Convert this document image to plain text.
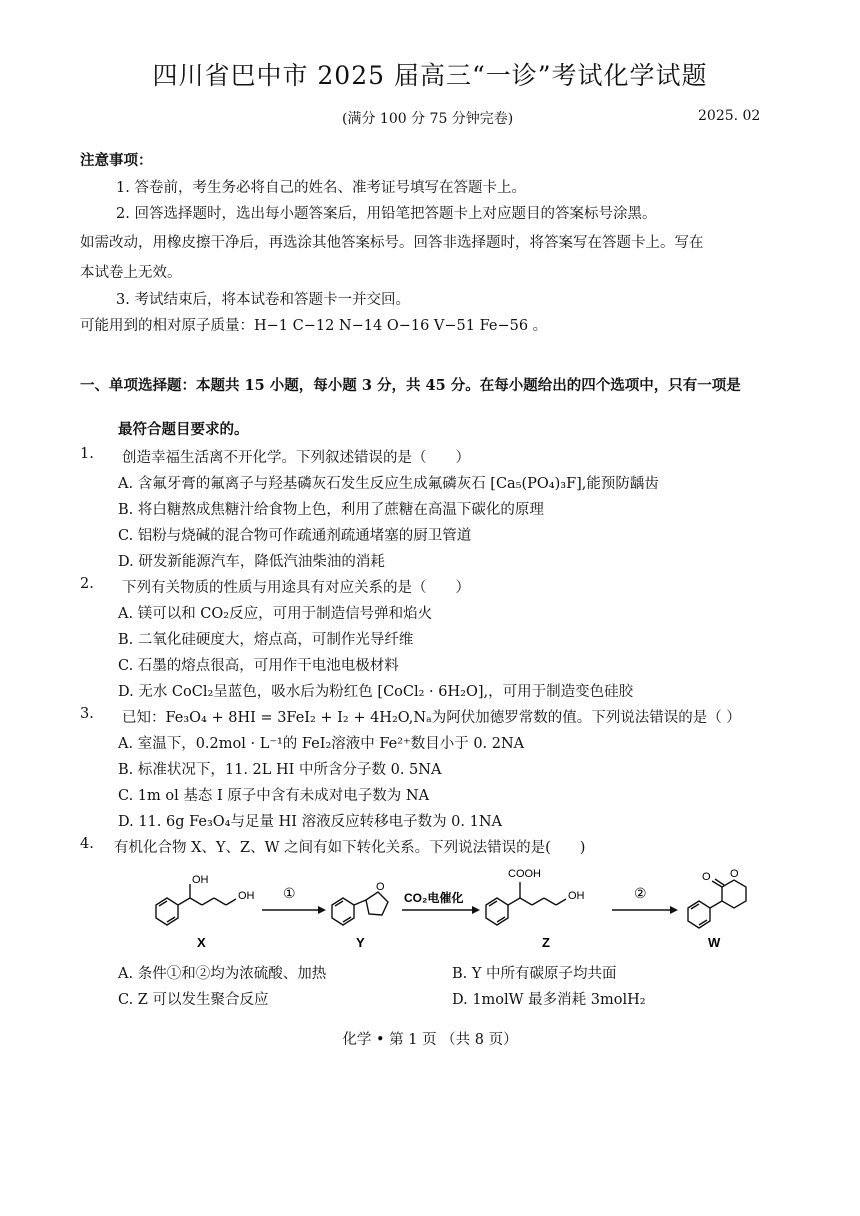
四川省巴中市 2025 届高三“一诊”考试化学试题
(满分 100 分 75 分钟完卷)	2025. 02
注意事项：
1. 答卷前，考生务必将自己的姓名、准考证号填写在答题卡上。
2. 回答选择题时，选出每小题答案后，用铅笔把答题卡上对应题目的答案标号涂黑。
如需改动，用橡皮擦干净后，再选涂其他答案标号。回答非选择题时，将答案写在答题卡上。写在
本试卷上无效。
3. 考试结束后，将本试卷和答题卡一并交回。
可能用到的相对原子质量：H−1 C−12 N−14 O−16 V−51 Fe−56 。
一、单项选择题：本题共 15 小题，每小题 3 分，共 45 分。在每小题给出的四个选项中，只有一项是
最符合题目要求的。
1. 创造幸福生活离不开化学。下列叙述错误的是（　　）
A. 含氟牙膏的氟离子与羟基磷灰石发生反应生成氟磷灰石 [Ca₅(PO₄)₃F],能预防龋齿
B. 将白糖熬成焦糖汁给食物上色，利用了蔗糖在高温下碳化的原理
C. 铝粉与烧碱的混合物可作疏通剂疏通堵塞的厨卫管道
D. 研发新能源汽车，降低汽油柴油的消耗
2. 下列有关物质的性质与用途具有对应关系的是（　　）
A. 镁可以和 CO₂反应，可用于制造信号弹和焰火
B. 二氧化硅硬度大，熔点高，可制作光导纤维
C. 石墨的熔点很高，可用作干电池电极材料
D. 无水 CoCl₂呈蓝色，吸水后为粉红色 [CoCl₂ · 6H₂O],，可用于制造变色硅胶
3. 已知：Fe₃O₄ + 8HI = 3FeI₂ + I₂ + 4H₂O,Nₐ为阿伏加德罗常数的值。下列说法错误的是（ ）
A. 室温下，0.2mol · L⁻¹的 FeI₂溶液中 Fe²⁺数目小于 0. 2NA
B. 标准状况下，11. 2L HI 中所含分子数 0. 5NA
C. 1m ol 基态 I 原子中含有未成对电子数为 NA
D. 11. 6g Fe₃O₄与足量 HI 溶液反应转移电子数为 0. 1NA
4. 有机化合物 X、Y、Z、W 之间有如下转化关系。下列说法错误的是(　　)
OH
OH
X
①	O
Y
CO₂电催化
COOH
OH
Z
②
O O
W
A. 条件①和②均为浓硫酸、加热	B. Y 中所有碳原子均共面
C. Z 可以发生聚合反应	D. 1molW 最多消耗 3molH₂
化学 • 第 1 页 （共 8 页）
